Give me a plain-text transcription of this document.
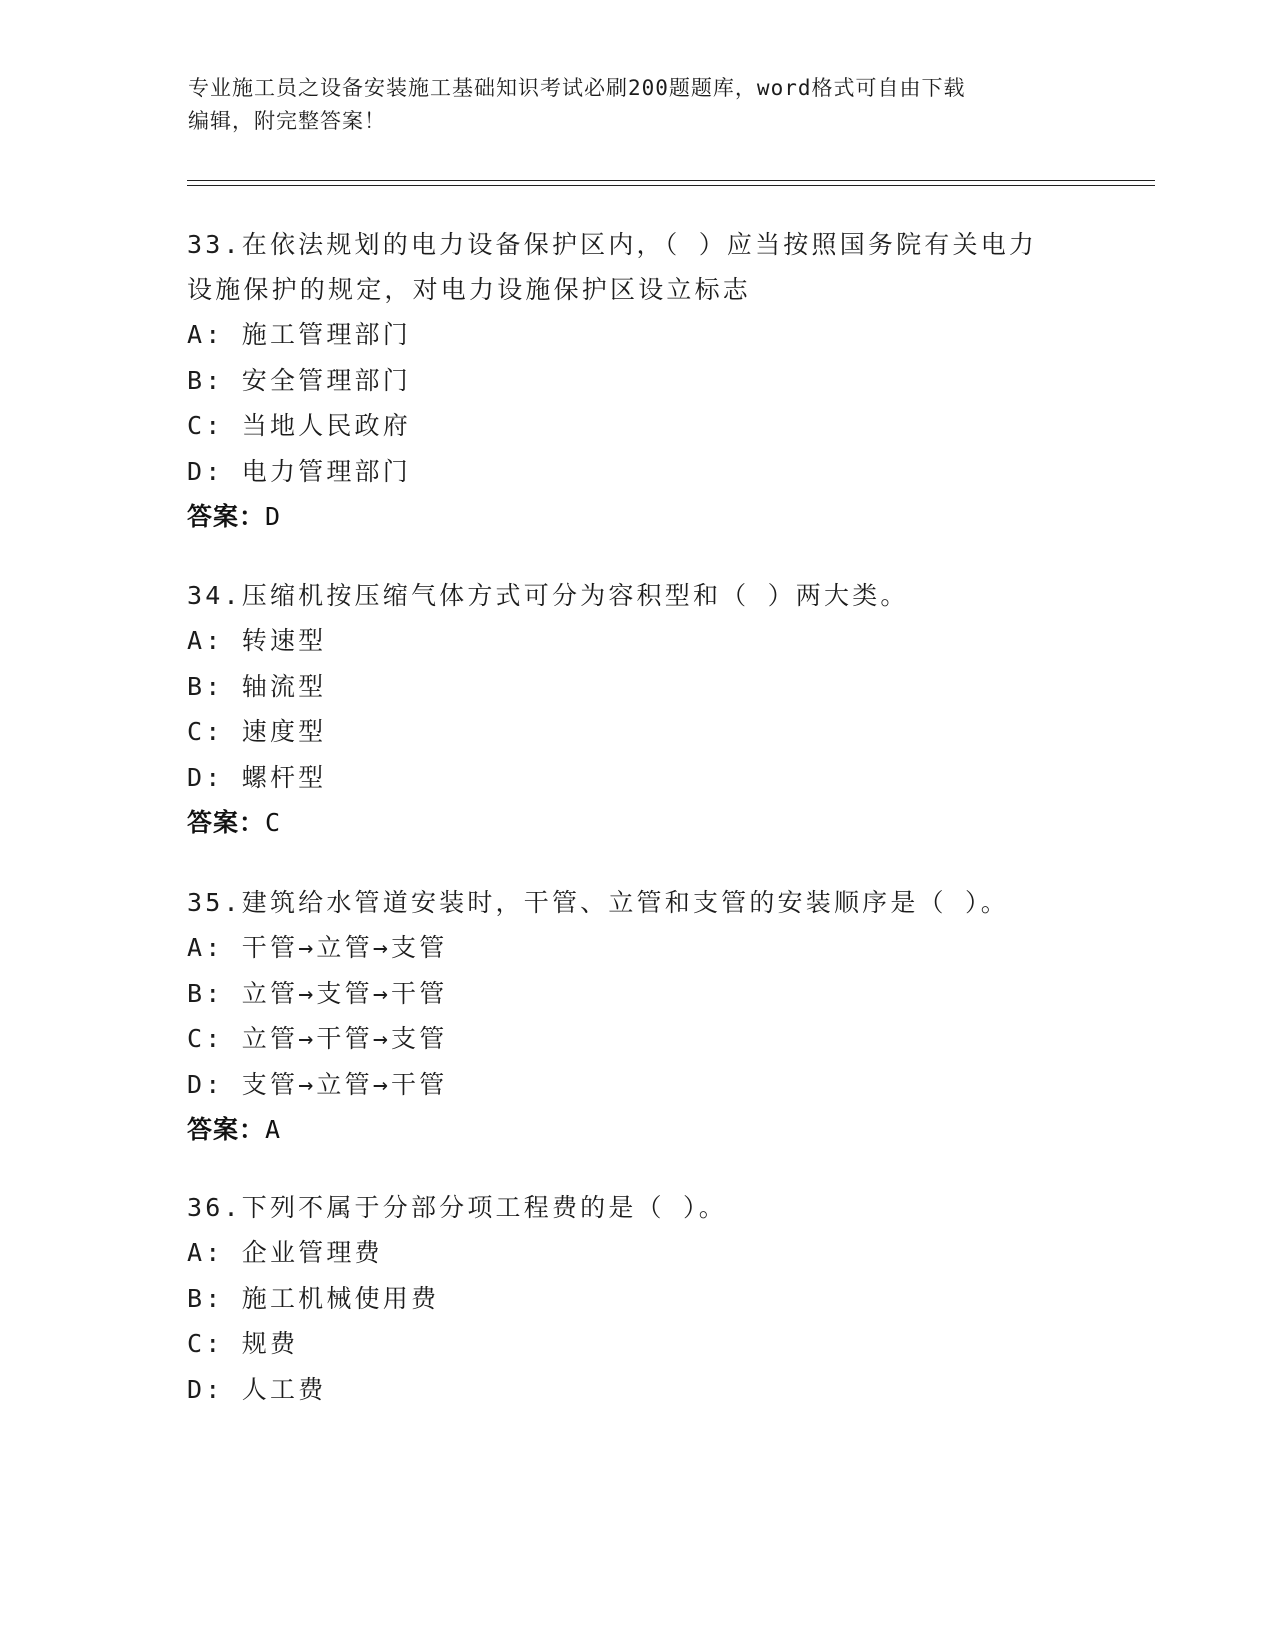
专业施工员之设备安装施工基础知识考试必刷200题题库，word格式可自由下载
编辑，附完整答案！
33.在依法规划的电力设备保护区内，（ ）应当按照国务院有关电力
设施保护的规定，对电力设施保护区设立标志
A: 施工管理部门
B: 安全管理部门
C: 当地人民政府
D: 电力管理部门
答案：D
34.压缩机按压缩气体方式可分为容积型和（ ）两大类。
A: 转速型
B: 轴流型
C: 速度型
D: 螺杆型
答案：C
35.建筑给水管道安装时，干管、立管和支管的安装顺序是（ ）。
A: 干管→立管→支管
B: 立管→支管→干管
C: 立管→干管→支管
D: 支管→立管→干管
答案：A
36.下列不属于分部分项工程费的是（ ）。
A: 企业管理费
B: 施工机械使用费
C: 规费
D: 人工费
